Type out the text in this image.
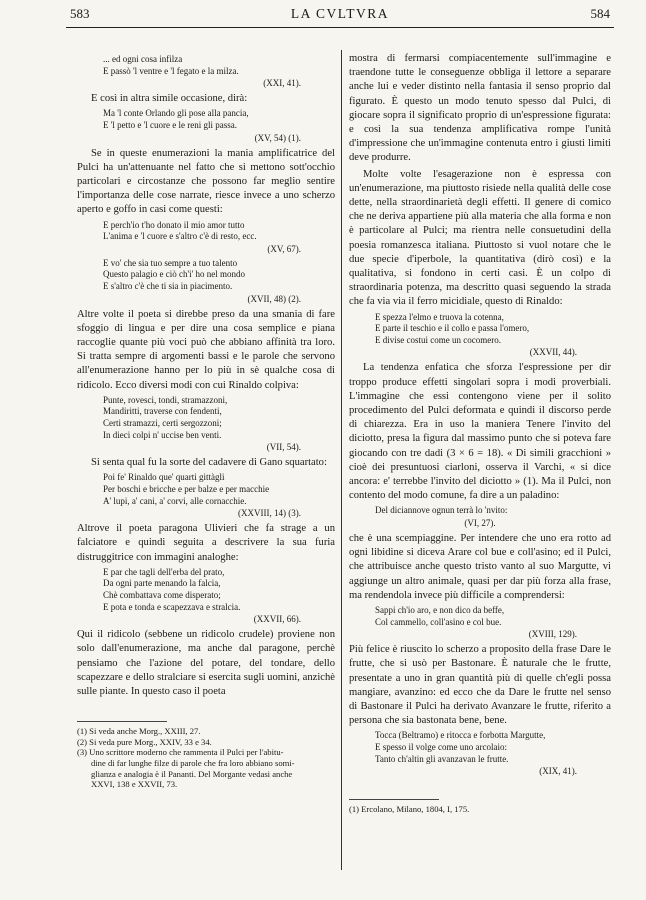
583	LA CVLTVRA	584
... ed ogni cosa infilza
E passò 'l ventre e 'l fegato e la milza.
(XXI, 41).

E così in altra simile occasione, dirà:

Ma 'l conte Orlando gli pose alla pancia,
E 'l petto e 'l cuore e le reni gli passa.
(XV, 54) (1).

Se in queste enumerazioni la mania amplificatrice del Pulci ha un'attenuante nel fatto che si mettono sott'occhio particolari e circostanze che possono far meglio sentire l'importanza delle cose narrate, riesce invece a uno scherzo aperto e goffo in casi come questi:

E perch'io t'ho donato il mio amor tutto
L'anima e 'l cuore e s'altro c'è di resto, ecc.
(XV, 67).
E vo' che sia tuo sempre a tuo talento
Questo palagio e ciò ch'i' ho nel mondo
E s'altro c'è che ti sia in piacimento.
(XVII, 48) (2).

Altre volte il poeta si direbbe preso da una smania di fare sfoggio di lingua e per dire una cosa semplice e piana raccoglie quante più voci può che abbiano affinità tra loro. Si tratta sempre di argomenti bassi e le parole che servono all'enumerazione hanno per lo più in sè qualche cosa di ridicolo. Ecco diversi modi con cui Rinaldo colpiva:

Punte, rovesci, tondi, stramazzoni,
Mandiritti, traverse con fendenti,
Certi stramazzi, certi sergozzoni;
In dieci colpi n' uccise ben venti.
(VII, 54).

Si senta qual fu la sorte del cadavere di Gano squartato:

Poi fe' Rinaldo que' quarti gittàgli
Per boschi e bricche e per balze e per macchie
A' lupi, a' cani, a' corvi, alle cornacchie.
(XXVIII, 14) (3).

Altrove il poeta paragona Ulivieri che fa strage a un falciatore e quindi seguita a descrivere la sua furia distruggitrice con immagini analoghe:

E par che tagli dell'erba del prato,
Da ogni parte menando la falcia,
Chè combattava come disperato;
E pota e tonda e scapezzava e stralcia.
(XXVII, 66).

Qui il ridicolo (sebbene un ridicolo crudele) proviene non solo dall'enumerazione, ma anche dal paragone, perchè pensiamo che l'azione del potare, del tondare, dello scapezzare e dello stralciare si esercita sugli uomini, anzichè sulle piante. In questo caso il poeta

(1) Si veda anche Morg., XXIII, 27.

(2) Si veda pure Morg., XXIV, 33 e 34.

(3) Uno scrittore moderno che rammenta il Pulci per l'abitu-
dine di far lunghe filze di parole che fra loro abbiano somi-
glianza e analogia è il Pananti. Del Morgante vedasi anche
XXVI, 138 e XXVII, 73.

mostra di fermarsi compiacentemente sull'immagine e traendone tutte le conseguenze obbliga il lettore a separare anche lui e veder distinto nella fantasia il senso proprio dal figurato. È questo un modo tenuto spesso dal Pulci, di giocare sopra il significato proprio di un'espressione figurata: e così la sua tendenza amplificativa rompe l'unità d'impressione che un'immagine contenuta entro i giusti limiti deve produrre.

Molte volte l'esagerazione non è espressa con un'enumerazione, ma piuttosto risiede nella qualità delle cose dette, nella straordinarietà degli effetti. Il genere di comico che ne deriva appartiene più alla materia che alla forma e non è particolare al Pulci; ma rientra nelle consuetudini della poesia romanzesca italiana. Piuttosto si vuol notare che le due specie d'iperbole, la quantitativa (dirò così) e la qualitativa, si fondono in certi casi. È un colpo di straordinaria potenza, ma descritto quasi seguendo la strada che fa via via il ferro micidiale, questo di Rinaldo:

E spezza l'elmo e truova la cotenna,
E parte il teschio e il collo e passa l'omero,
E divise costui come un cocomero.
(XXVII, 44).

La tendenza enfatica che sforza l'espressione per dir troppo produce effetti singolari sopra i modi proverbiali. L'immagine che essi contengono viene per il solito procedimento del Pulci deformata e quindi il discorso perde di chiarezza. Era in uso la maniera Tenere l'invito del diciotto, presa la figura dal massimo punto che si poteva fare giocando con tre dadi (3 × 6 = 18). « Di simili gracchioni » cioè dei presuntuosi ciarloni, osserva il Varchi, « si dice ancora: e' terrebbe l'invito del diciotto » (1). Ma il Pulci, non contento del modo comune, fa dire a un paladino:

Del diciannove ognun terrà lo 'nvito:
(VI, 27).

che è una scempiaggine. Per intendere che uno era rotto ad ogni libidine si diceva Arare col bue e coll'asino; ed il Pulci, che attribuisce anche questo tristo vanto al suo Margutte, vi aggiunge un altro animale, quasi per dar più forza alla frase, ma rendendola invece più difficile a comprendersi:

Sappi ch'io aro, e non dico da beffe,
Col cammello, coll'asino e col bue.
(XVIII, 129).

Più felice è riuscito lo scherzo a proposito della frase Dare le frutte, che si usò per Bastonare. È naturale che le frutte, presentate a uno in gran quantità più di quelle ch'egli possa mangiare, avanzino: ed ecco che da Dare le frutte nel senso di Bastonare il Pulci ha derivato Avanzare le frutte, riferito a persona che sia bastonata bene, bene.

Tocca (Beltramo) e ritocca e forbotta Margutte,
E spesso il volge come uno arcolaio:
Tanto ch'altin gli avanzavan le frutte.
(XIX, 41).

(1) Ercolano, Milano, 1804, I, 175.
